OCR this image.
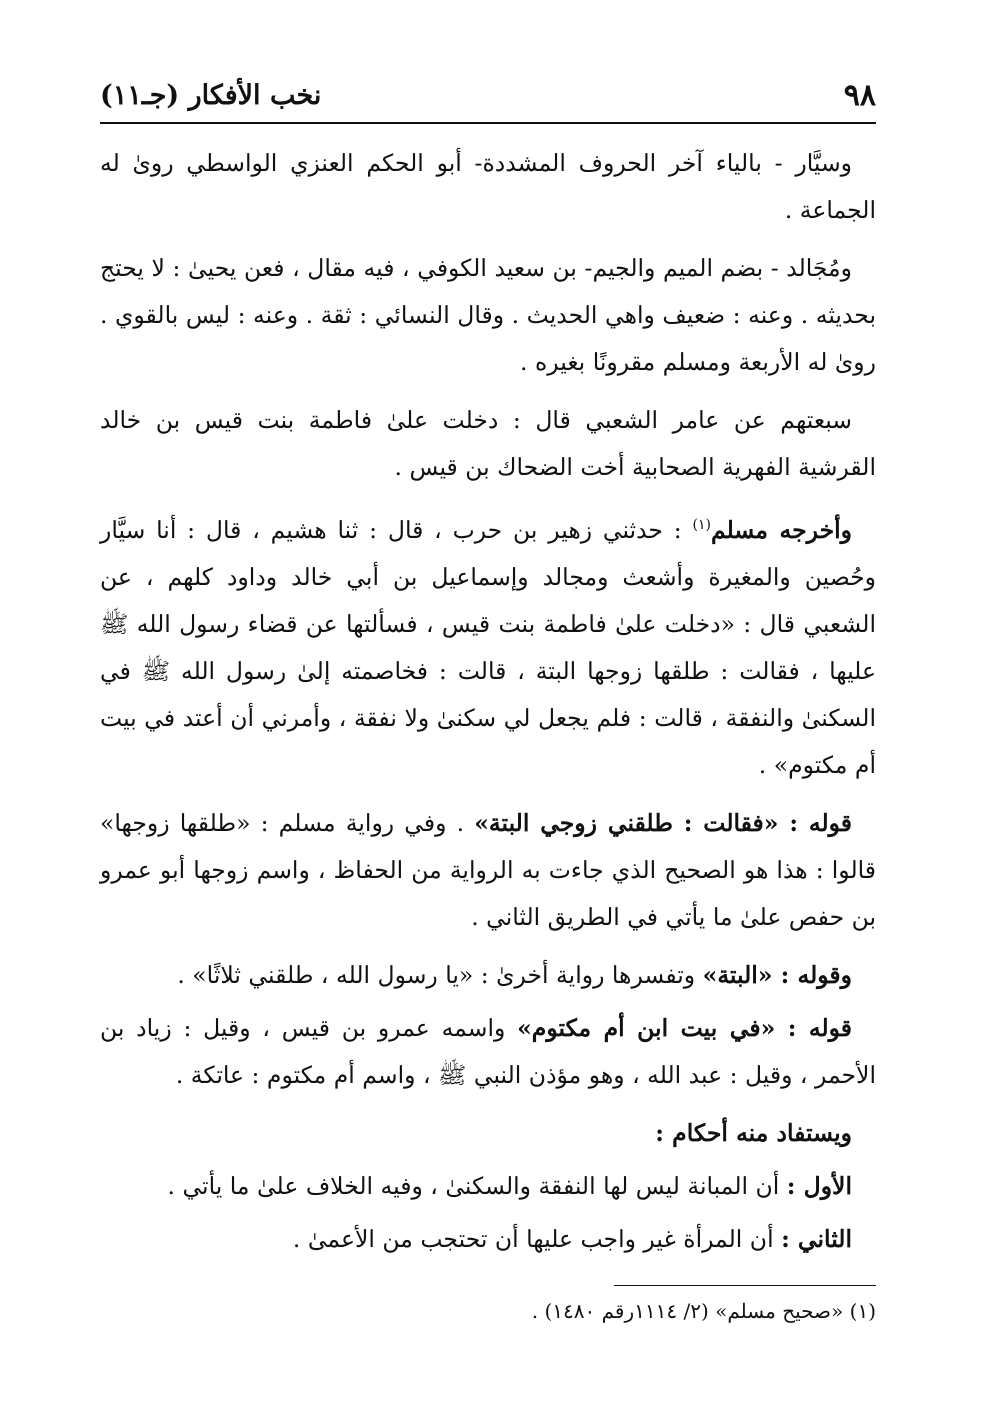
٩٨
نخب الأفكار (جـ١١)

وسيَّار - بالياء آخر الحروف المشددة- أبو الحكم العنزي الواسطي روىٰ له الجماعة .

ومُجَالد - بضم الميم والجيم- بن سعيد الكوفي ، فيه مقال ، فعن يحيىٰ : لا يحتج بحديثه . وعنه : ضعيف واهي الحديث . وقال النسائي : ثقة . وعنه : ليس بالقوي . روىٰ له الأربعة ومسلم مقرونًا بغيره .

سبعتهم عن عامر الشعبي قال : دخلت علىٰ فاطمة بنت قيس بن خالد القرشية الفهرية الصحابية أخت الضحاك بن قيس .

وأخرجه مسلم$^{(١)}$ : حدثني زهير بن حرب ، قال : ثنا هشيم ، قال : أنا سيَّار وحُصين والمغيرة وأشعث ومجالد وإسماعيل بن أبي خالد وداود كلهم ، عن الشعبي قال : «دخلت علىٰ فاطمة بنت قيس ، فسألتها عن قضاء رسول الله ﷺ عليها ، فقالت : طلقها زوجها البتة ، قالت : فخاصمته إلىٰ رسول الله ﷺ في السكنىٰ والنفقة ، قالت : فلم يجعل لي سكنىٰ ولا نفقة ، وأمرني أن أعتد في بيت أم مكتوم» .

قوله : «فقالت : طلقني زوجي البتة» . وفي رواية مسلم : «طلقها زوجها» قالوا : هذا هو الصحيح الذي جاءت به الرواية من الحفاظ ، واسم زوجها أبو عمرو بن حفص علىٰ ما يأتي في الطريق الثاني .

وقوله : «البتة» وتفسرها رواية أخرىٰ : «يا رسول الله ، طلقني ثلاثًا» .

قوله : «في بيت ابن أم مكتوم» واسمه عمرو بن قيس ، وقيل : زياد بن الأحمر ، وقيل : عبد الله ، وهو مؤذن النبي ﷺ ، واسم أم مكتوم : عاتكة .

ويستفاد منه أحكام :

الأول : أن المبانة ليس لها النفقة والسكنىٰ ، وفيه الخلاف علىٰ ما يأتي .

الثاني : أن المرأة غير واجب عليها أن تحتجب من الأعمىٰ .

(١) «صحيح مسلم» (٢/ ١١١٤رقم ١٤٨٠) .
